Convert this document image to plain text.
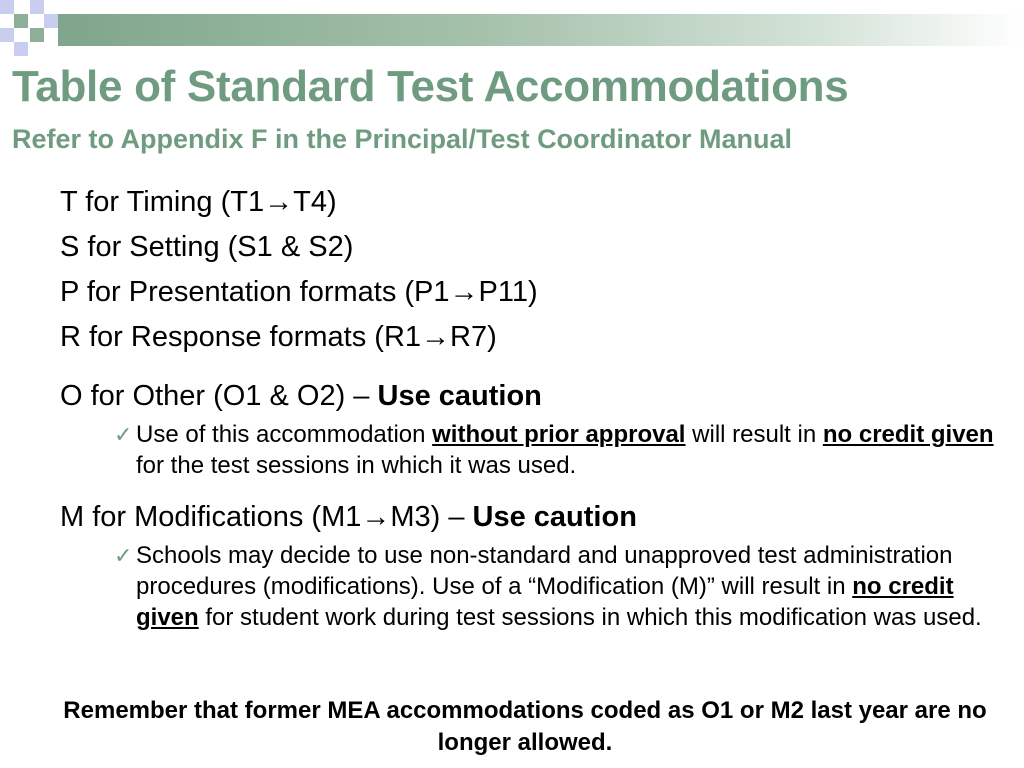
Table of Standard Test Accommodations
Refer to Appendix F in the Principal/Test Coordinator Manual

T for Timing (T1→T4)

S for Setting (S1 & S2)

P for Presentation formats (P1→P11)

R for Response formats (R1→R7)

O for Other (O1 & O2) – Use caution

✓ Use of this accommodation without prior approval will result in no credit given for the test sessions in which it was used.

M for Modifications (M1→M3) – Use caution

✓ Schools may decide to use non-standard and unapproved test administration procedures (modifications). Use of a “Modification (M)” will result in no credit given for student work during test sessions in which this modification was used.

Remember that former MEA accommodations coded as O1 or M2 last year are no longer allowed.
